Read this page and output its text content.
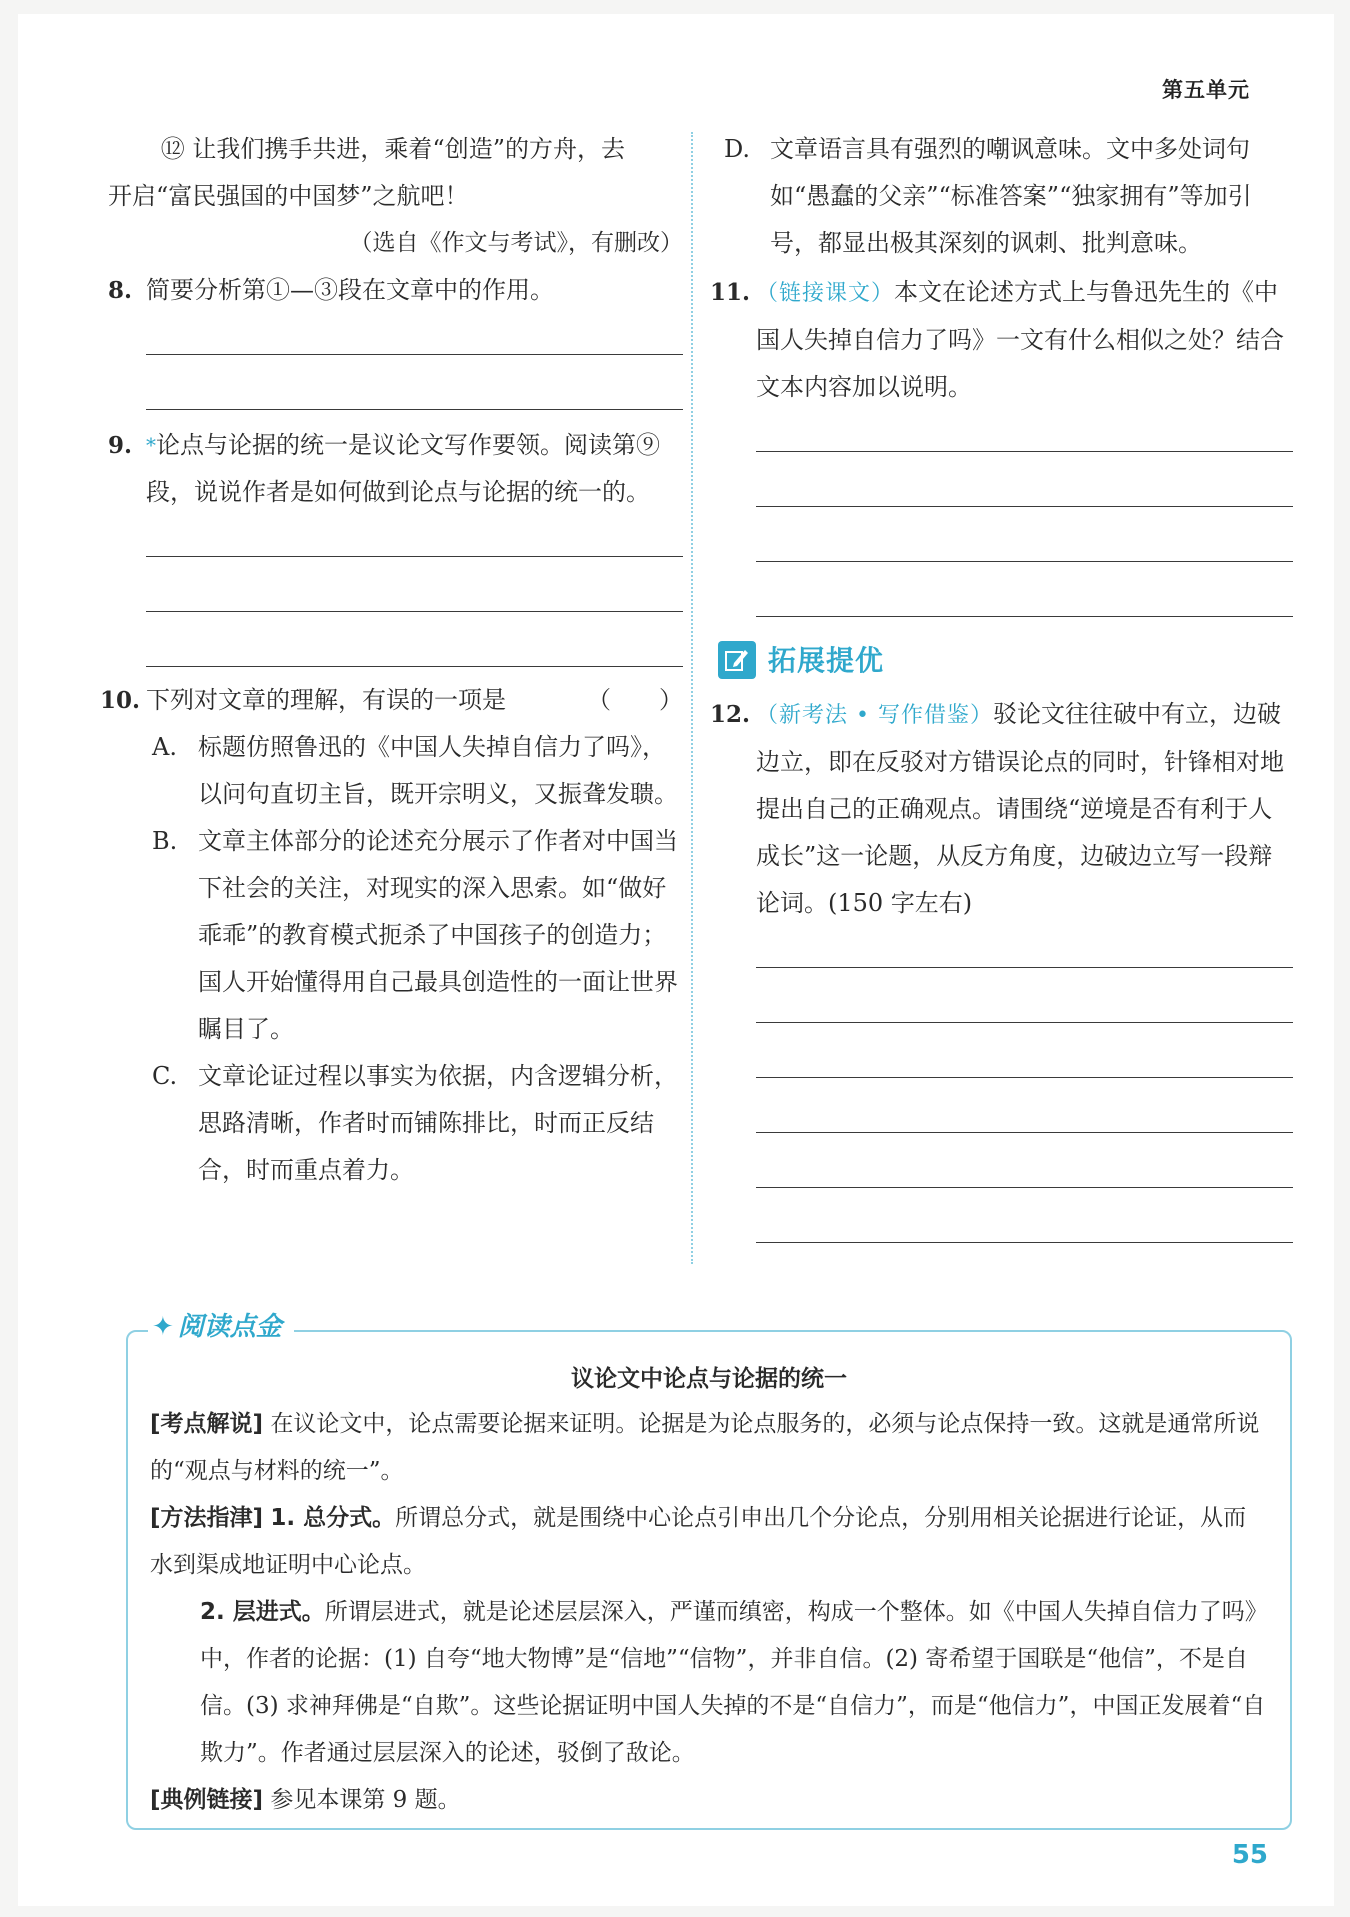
第五单元

⑫ 让我们携手共进，乘着“创造”的方舟，去

开启“富民强国的中国梦”之航吧！

（选自《作文与考试》，有删改）

8. 简要分析第①—③段在文章中的作用。
9. *论点与论据的统一是议论文写作要领。阅读第⑨段，说说作者是如何做到论点与论据的统一的。
10. 下列对文章的理解，有误的一项是	（　　）
A. 标题仿照鲁迅的《中国人失掉自信力了吗》，以问句直切主旨，既开宗明义，又振聋发聩。
B. 文章主体部分的论述充分展示了作者对中国当下社会的关注，对现实的深入思索。如“做好乖乖”的教育模式扼杀了中国孩子的创造力；国人开始懂得用自己最具创造性的一面让世界瞩目了。
C. 文章论证过程以事实为依据，内含逻辑分析，思路清晰，作者时而铺陈排比，时而正反结合，时而重点着力。
D. 文章语言具有强烈的嘲讽意味。文中多处词句如“愚蠢的父亲”“标准答案”“独家拥有”等加引号，都显出极其深刻的讽刺、批判意味。
11. （链接课文）本文在论述方式上与鲁迅先生的《中国人失掉自信力了吗》一文有什么相似之处？结合文本内容加以说明。
拓展提优
12. （新考法 • 写作借鉴）驳论文往往破中有立，边破边立，即在反驳对方错误论点的同时，针锋相对地提出自己的正确观点。请围绕“逆境是否有利于人成长”这一论题，从反方角度，边破边立写一段辩论词。(150 字左右)
✦ 阅读点金
议论文中论点与论据的统一

[考点解说] 在议论文中，论点需要论据来证明。论据是为论点服务的，必须与论点保持一致。这就是通常所说的“观点与材料的统一”。

[方法指津] 1. 总分式。所谓总分式，就是围绕中心论点引申出几个分论点，分别用相关论据进行论证，从而水到渠成地证明中心论点。

2. 层进式。所谓层进式，就是论述层层深入，严谨而缜密，构成一个整体。如《中国人失掉自信力了吗》中，作者的论据：(1) 自夸“地大物博”是“信地”“信物”，并非自信。(2) 寄希望于国联是“他信”，不是自信。(3) 求神拜佛是“自欺”。这些论据证明中国人失掉的不是“自信力”，而是“他信力”，中国正发展着“自欺力”。作者通过层层深入的论述，驳倒了敌论。

[典例链接] 参见本课第 9 题。

55
